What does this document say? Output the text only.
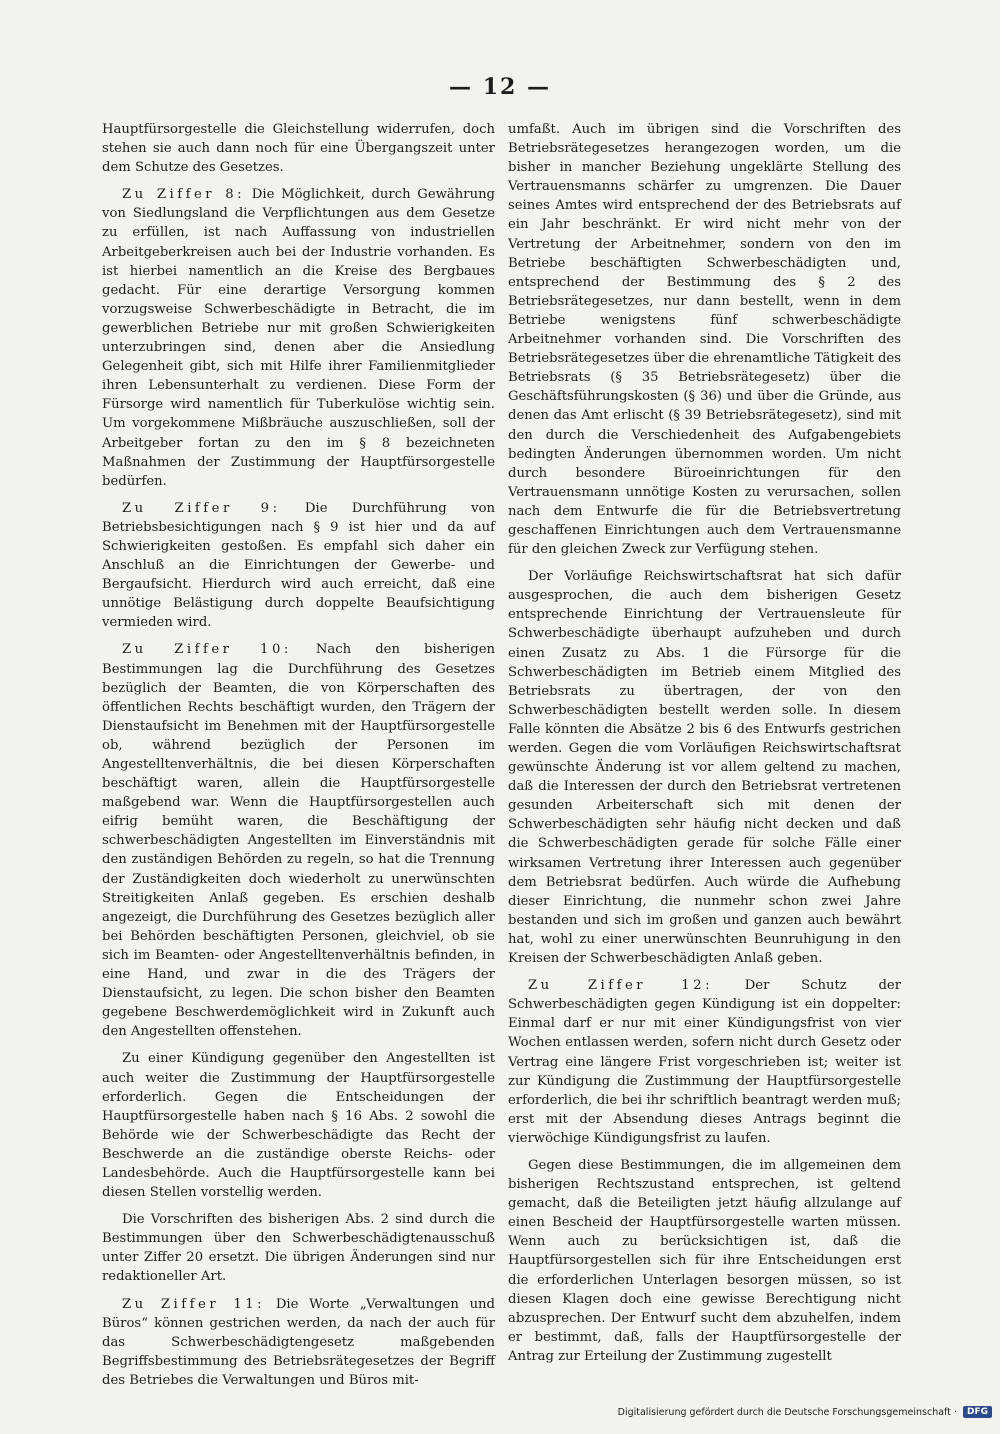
— 12 —

Hauptfürsorgestelle die Gleichstellung widerrufen, doch stehen sie auch dann noch für eine Übergangszeit unter dem Schutze des Gesetzes.

Zu Ziffer 8: Die Möglichkeit, durch Gewährung von Siedlungsland die Verpflichtungen aus dem Gesetze zu erfüllen, ist nach Auffassung von industriellen Arbeitgeberkreisen auch bei der Industrie vorhanden. Es ist hierbei namentlich an die Kreise des Bergbaues gedacht. Für eine derartige Versorgung kommen vorzugsweise Schwerbeschädigte in Betracht, die im gewerblichen Betriebe nur mit großen Schwierigkeiten unterzubringen sind, denen aber die Ansiedlung Gelegenheit gibt, sich mit Hilfe ihrer Familienmitglieder ihren Lebensunterhalt zu verdienen. Diese Form der Fürsorge wird namentlich für Tuberkulöse wichtig sein. Um vorgekommene Mißbräuche auszuschließen, soll der Arbeitgeber fortan zu den im § 8 bezeichneten Maßnahmen der Zustimmung der Hauptfürsorgestelle bedürfen.

Zu Ziffer 9: Die Durchführung von Betriebsbesichtigungen nach § 9 ist hier und da auf Schwierigkeiten gestoßen. Es empfahl sich daher ein Anschluß an die Einrichtungen der Gewerbe- und Bergaufsicht. Hierdurch wird auch erreicht, daß eine unnötige Belästigung durch doppelte Beaufsichtigung vermieden wird.

Zu Ziffer 10: Nach den bisherigen Bestimmungen lag die Durchführung des Gesetzes bezüglich der Beamten, die von Körperschaften des öffentlichen Rechts beschäftigt wurden, den Trägern der Dienstaufsicht im Benehmen mit der Hauptfürsorgestelle ob, während bezüglich der Personen im Angestelltenverhältnis, die bei diesen Körperschaften beschäftigt waren, allein die Hauptfürsorgestelle maßgebend war. Wenn die Hauptfürsorgestellen auch eifrig bemüht waren, die Beschäftigung der schwerbeschädigten Angestellten im Einverständnis mit den zuständigen Behörden zu regeln, so hat die Trennung der Zuständigkeiten doch wiederholt zu unerwünschten Streitigkeiten Anlaß gegeben. Es erschien deshalb angezeigt, die Durchführung des Gesetzes bezüglich aller bei Behörden beschäftigten Personen, gleichviel, ob sie sich im Beamten- oder Angestelltenverhältnis befinden, in eine Hand, und zwar in die des Trägers der Dienstaufsicht, zu legen. Die schon bisher den Beamten gegebene Beschwerdemöglichkeit wird in Zukunft auch den Angestellten offenstehen.

Zu einer Kündigung gegenüber den Angestellten ist auch weiter die Zustimmung der Hauptfürsorgestelle erforderlich. Gegen die Entscheidungen der Hauptfürsorgestelle haben nach § 16 Abs. 2 sowohl die Behörde wie der Schwerbeschädigte das Recht der Beschwerde an die zuständige oberste Reichs- oder Landesbehörde. Auch die Hauptfürsorgestelle kann bei diesen Stellen vorstellig werden.

Die Vorschriften des bisherigen Abs. 2 sind durch die Bestimmungen über den Schwerbeschädigtenausschuß unter Ziffer 20 ersetzt. Die übrigen Änderungen sind nur redaktioneller Art.

Zu Ziffer 11: Die Worte „Verwaltungen und Büros“ können gestrichen werden, da nach der auch für das Schwerbeschädigtengesetz maßgebenden Begriffsbestimmung des Betriebsrätegesetzes der Begriff des Betriebes die Verwaltungen und Büros mit-

umfaßt. Auch im übrigen sind die Vorschriften des Betriebsrätegesetzes herangezogen worden, um die bisher in mancher Beziehung ungeklärte Stellung des Vertrauensmanns schärfer zu umgrenzen. Die Dauer seines Amtes wird entsprechend der des Betriebsrats auf ein Jahr beschränkt. Er wird nicht mehr von der Vertretung der Arbeitnehmer, sondern von den im Betriebe beschäftigten Schwerbeschädigten und, entsprechend der Bestimmung des § 2 des Betriebsrätegesetzes, nur dann bestellt, wenn in dem Betriebe wenigstens fünf schwerbeschädigte Arbeitnehmer vorhanden sind. Die Vorschriften des Betriebsrätegesetzes über die ehrenamtliche Tätigkeit des Betriebsrats (§ 35 Betriebsrätegesetz) über die Geschäftsführungskosten (§ 36) und über die Gründe, aus denen das Amt erlischt (§ 39 Betriebsrätegesetz), sind mit den durch die Verschiedenheit des Aufgabengebiets bedingten Änderungen übernommen worden. Um nicht durch besondere Büroeinrichtungen für den Vertrauensmann unnötige Kosten zu verursachen, sollen nach dem Entwurfe die für die Betriebsvertretung geschaffenen Einrichtungen auch dem Vertrauensmanne für den gleichen Zweck zur Verfügung stehen.

Der Vorläufige Reichswirtschaftsrat hat sich dafür ausgesprochen, die auch dem bisherigen Gesetz entsprechende Einrichtung der Vertrauensleute für Schwerbeschädigte überhaupt aufzuheben und durch einen Zusatz zu Abs. 1 die Fürsorge für die Schwerbeschädigten im Betrieb einem Mitglied des Betriebsrats zu übertragen, der von den Schwerbeschädigten bestellt werden solle. In diesem Falle könnten die Absätze 2 bis 6 des Entwurfs gestrichen werden. Gegen die vom Vorläufigen Reichswirtschaftsrat gewünschte Änderung ist vor allem geltend zu machen, daß die Interessen der durch den Betriebsrat vertretenen gesunden Arbeiterschaft sich mit denen der Schwerbeschädigten sehr häufig nicht decken und daß die Schwerbeschädigten gerade für solche Fälle einer wirksamen Vertretung ihrer Interessen auch gegenüber dem Betriebsrat bedürfen. Auch würde die Aufhebung dieser Einrichtung, die nunmehr schon zwei Jahre bestanden und sich im großen und ganzen auch bewährt hat, wohl zu einer unerwünschten Beunruhigung in den Kreisen der Schwerbeschädigten Anlaß geben.

Zu Ziffer 12: Der Schutz der Schwerbeschädigten gegen Kündigung ist ein doppelter: Einmal darf er nur mit einer Kündigungsfrist von vier Wochen entlassen werden, sofern nicht durch Gesetz oder Vertrag eine längere Frist vorgeschrieben ist; weiter ist zur Kündigung die Zustimmung der Hauptfürsorgestelle erforderlich, die bei ihr schriftlich beantragt werden muß; erst mit der Absendung dieses Antrags beginnt die vierwöchige Kündigungsfrist zu laufen.

Gegen diese Bestimmungen, die im allgemeinen dem bisherigen Rechtszustand entsprechen, ist geltend gemacht, daß die Beteiligten jetzt häufig allzulange auf einen Bescheid der Hauptfürsorgestelle warten müssen. Wenn auch zu berücksichtigen ist, daß die Hauptfürsorgestellen sich für ihre Entscheidungen erst die erforderlichen Unterlagen besorgen müssen, so ist diesen Klagen doch eine gewisse Berechtigung nicht abzusprechen. Der Entwurf sucht dem abzuhelfen, indem er bestimmt, daß, falls der Hauptfürsorgestelle der Antrag zur Erteilung der Zustimmung zugestellt

Digitalisierung gefördert durch die Deutsche Forschungsgemeinschaft ·	DFG
